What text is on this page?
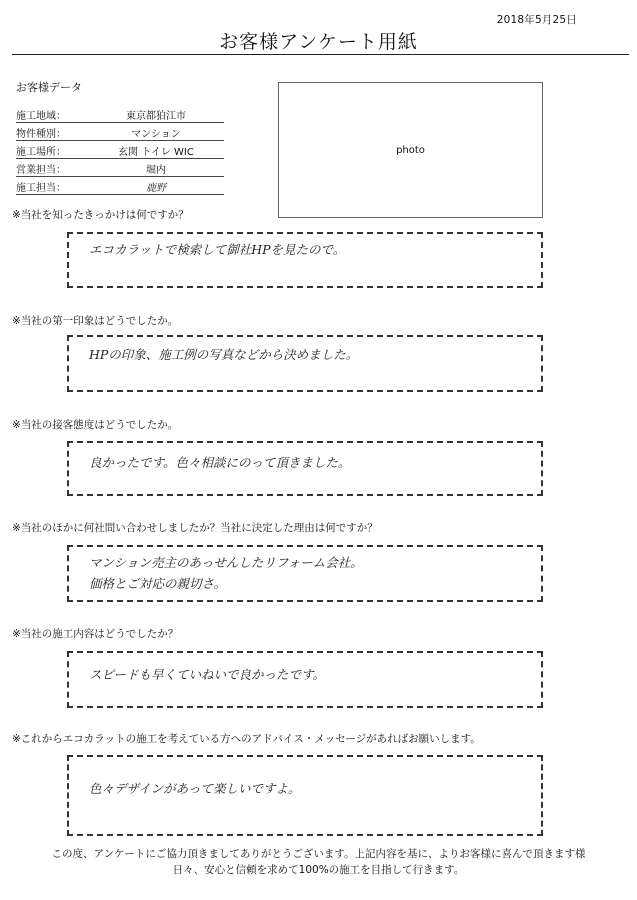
2018年5月25日
お客様アンケート用紙
お客様データ
施工地域：	東京都狛江市
物件種別：	マンション
施工場所：	玄関 トイレ WIC
営業担当：	堀内
施工担当：	鹿野
photo
※当社を知ったきっかけは何ですか？
エコカラットで検索して御社HPを見たので。
※当社の第一印象はどうでしたか。
HPの印象、施工例の写真などから決めました。
※当社の接客態度はどうでしたか。
良かったです。色々相談にのって頂きました。
※当社のほかに何社問い合わせしましたか？当社に決定した理由は何ですか？
マンション売主のあっせんしたリフォーム会社。
価格とご対応の親切さ。
※当社の施工内容はどうでしたか？
スピードも早くていねいで良かったです。
※これからエコカラットの施工を考えている方へのアドバイス・メッセージがあればお願いします。
色々デザインがあって楽しいですよ。
この度、アンケートにご協力頂きましてありがとうございます。上記内容を基に、よりお客様に喜んで頂きます様
日々、安心と信頼を求めて100%の施工を目指して行きます。
